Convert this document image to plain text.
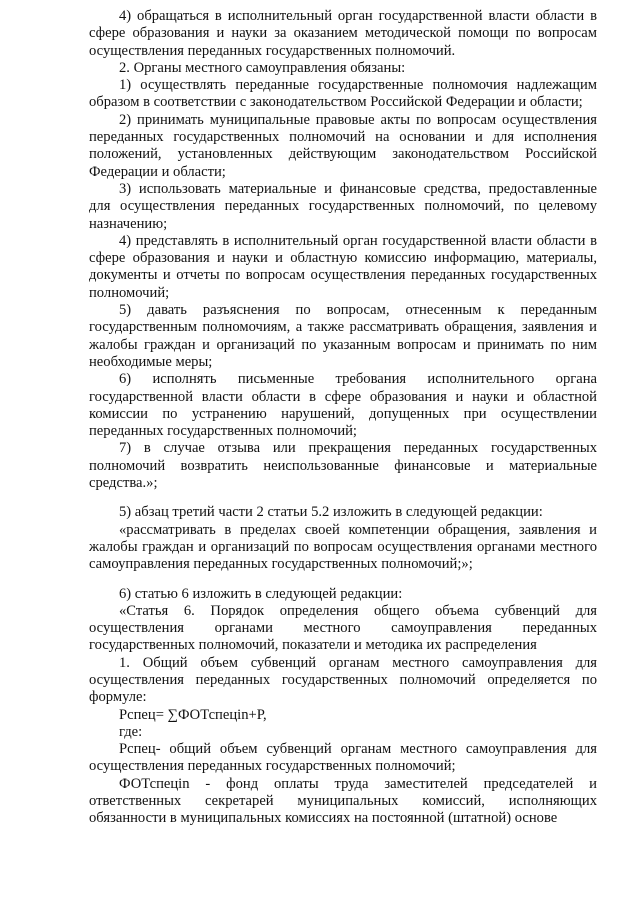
4) обращаться в исполнительный орган государственной власти области в сфере образования и науки за оказанием методической помощи по вопросам осуществления переданных государственных полномочий.

2. Органы местного самоуправления обязаны:

1) осуществлять переданные государственные полномочия надлежащим образом в соответствии с законодательством Российской Федерации и области;

2) принимать муниципальные правовые акты по вопросам осуществления переданных государственных полномочий на основании и для исполнения положений, установленных действующим законодательством Российской Федерации и области;

3) использовать материальные и финансовые средства, предоставленные для осуществления переданных государственных полномочий, по целевому назначению;

4) представлять в исполнительный орган государственной власти области в сфере образования и науки и областную комиссию информацию, материалы, документы и отчеты по вопросам осуществления переданных государственных полномочий;

5) давать разъяснения по вопросам, отнесенным к переданным государственным полномочиям, а также рассматривать обращения, заявления и жалобы граждан и организаций по указанным вопросам и принимать по ним необходимые меры;

6) исполнять письменные требования исполнительного органа государственной власти области в сфере образования и науки и областной комиссии по устранению нарушений, допущенных при осуществлении переданных государственных полномочий;

7) в случае отзыва или прекращения переданных государственных полномочий возвратить неиспользованные финансовые и материальные средства.»;

5) абзац третий части 2 статьи 5.2 изложить в следующей редакции:

«рассматривать в пределах своей компетенции обращения, заявления и жалобы граждан и организаций по вопросам осуществления органами местного самоуправления переданных государственных полномочий;»;

6) статью 6 изложить в следующей редакции:

«Статья 6. Порядок определения общего объема субвенций для осуществления органами местного самоуправления переданных государственных полномочий, показатели и методика их распределения

1. Общий объем субвенций органам местного самоуправления для осуществления переданных государственных полномочий определяется по формуле:

Рспец= ∑ФОТспецin+Р,

где:

Рспец- общий объем субвенций органам местного самоуправления для осуществления переданных государственных полномочий;

ФОТспецin - фонд оплаты труда заместителей председателей и ответственных секретарей муниципальных комиссий, исполняющих обязанности в муниципальных комиссиях на постоянной (штатной) основе
